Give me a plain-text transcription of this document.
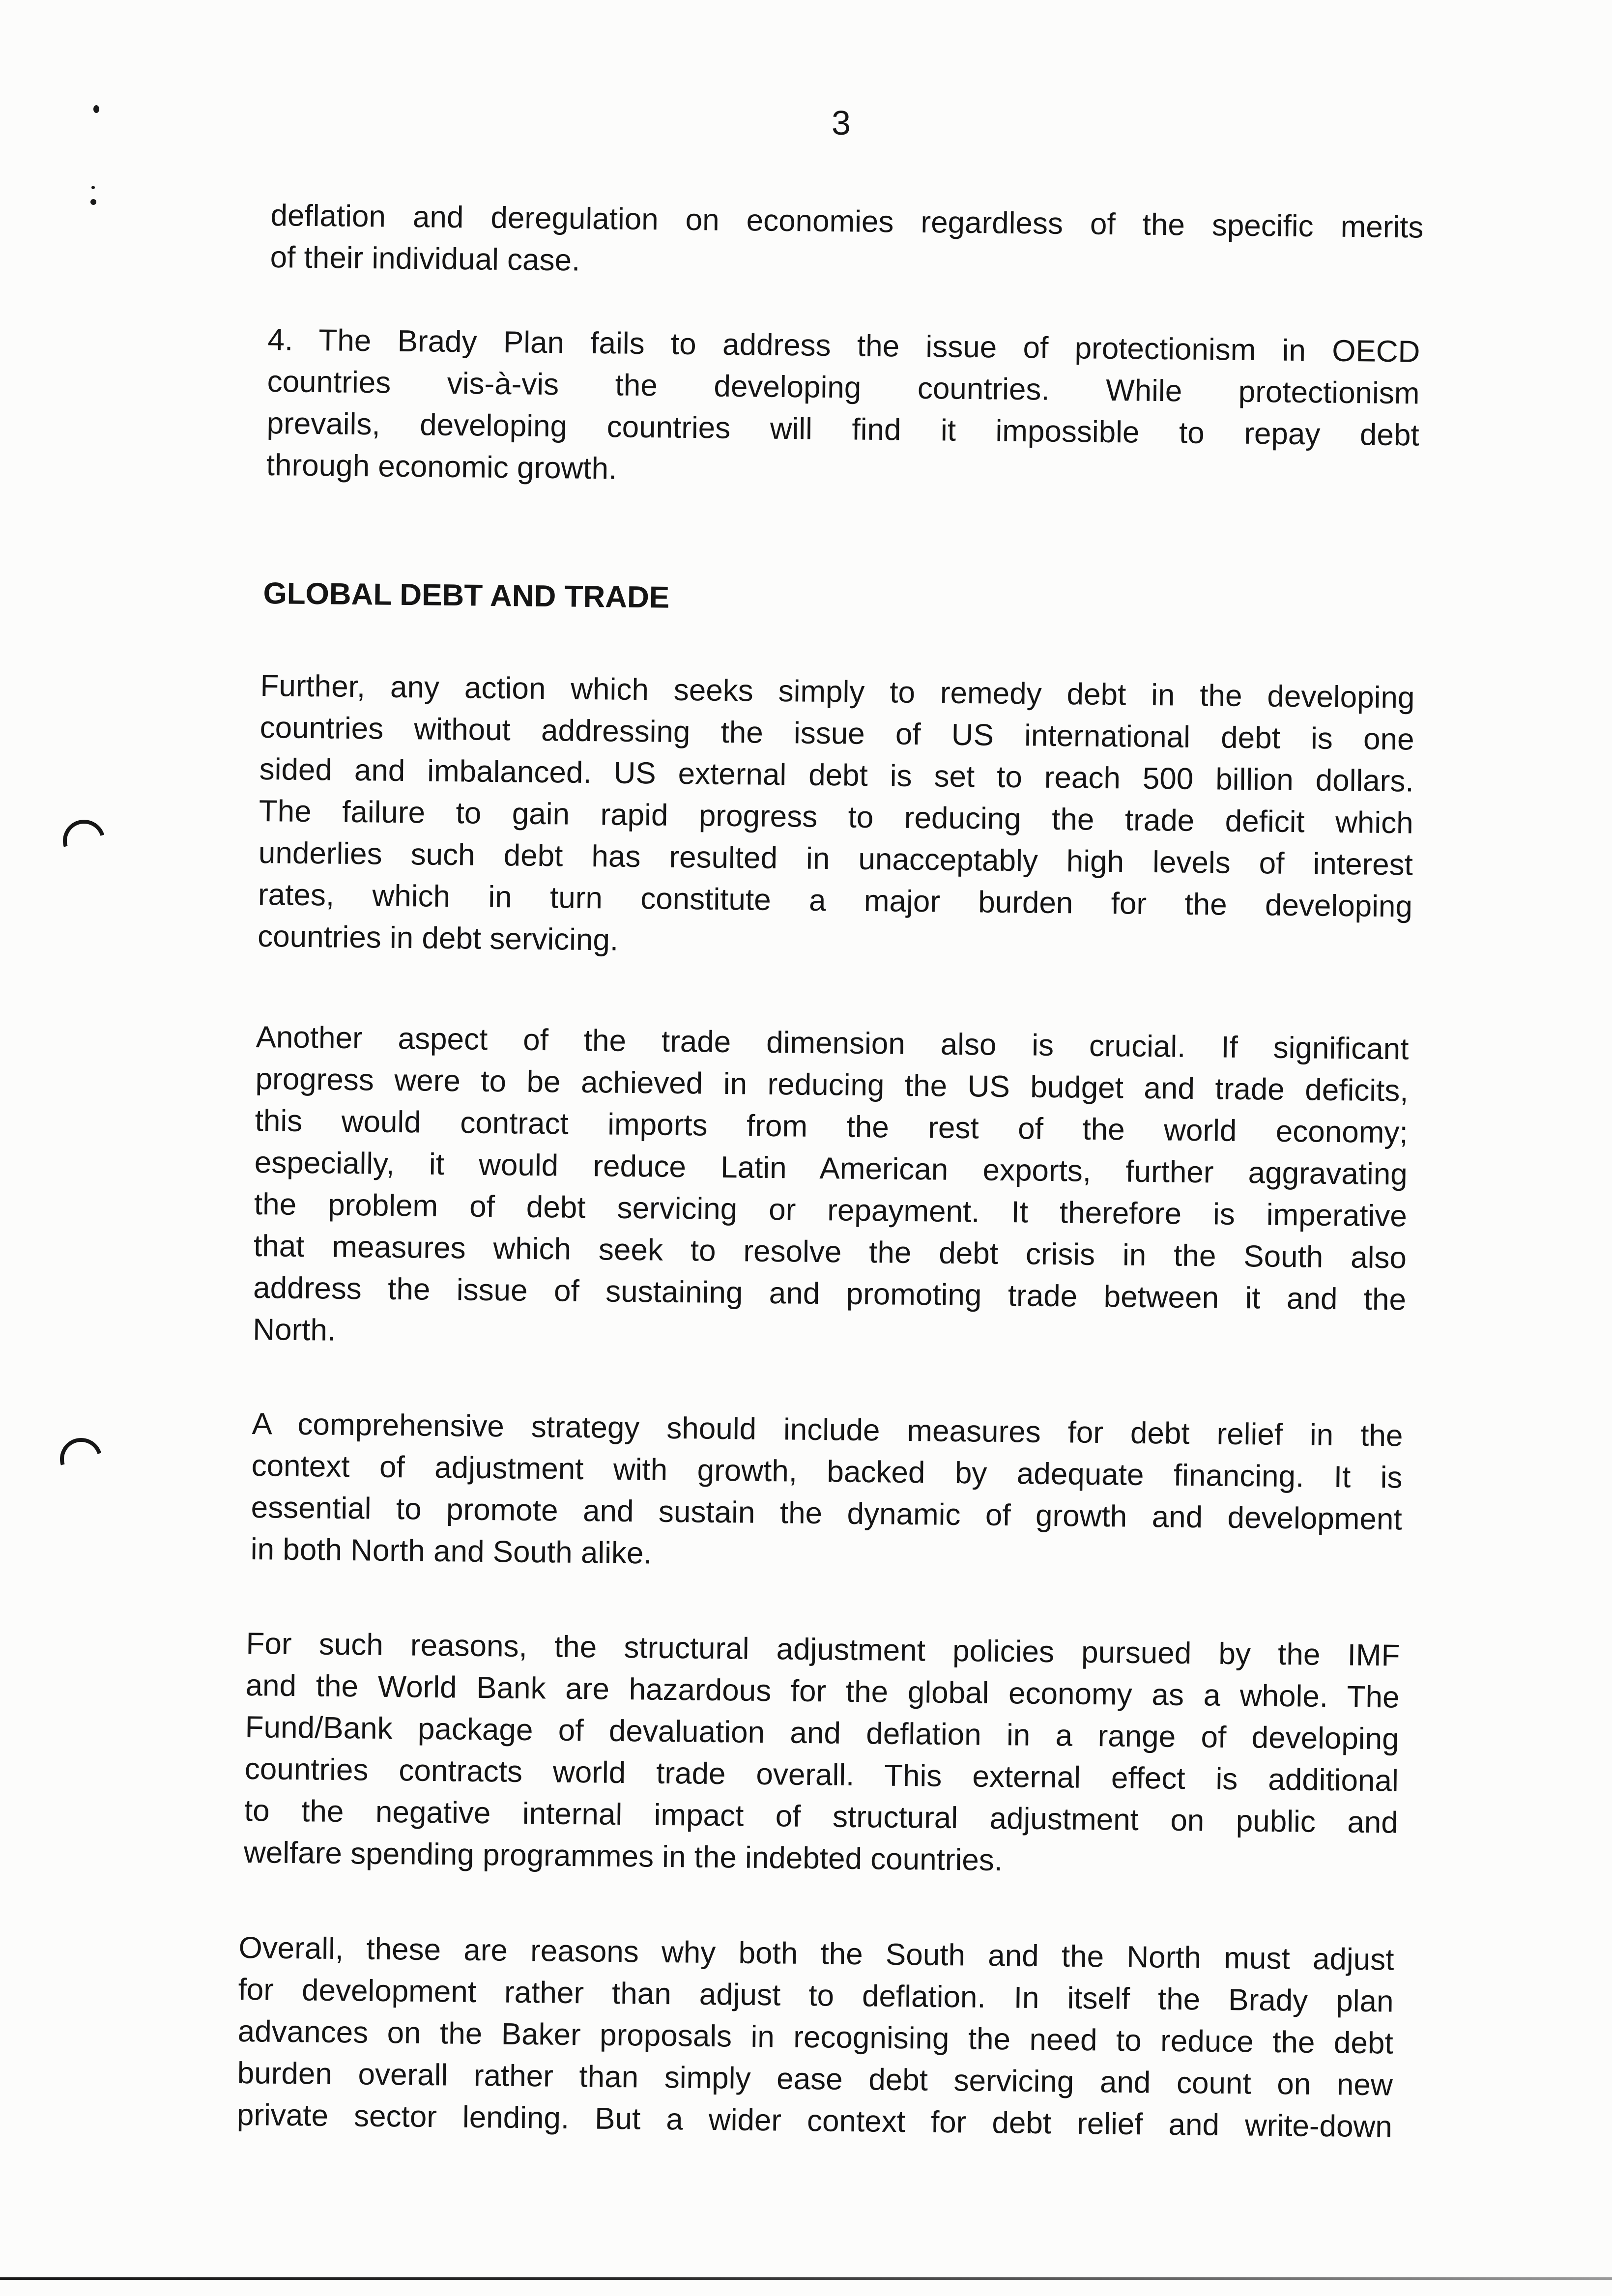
3
deflation and deregulation on economies regardless of the specific merits
of their individual case.
4. The Brady Plan fails to address the issue of protectionism in OECD
countries vis-à-vis the developing countries. While protectionism
prevails, developing countries will find it impossible to repay debt
through economic growth.
GLOBAL DEBT AND TRADE
Further, any action which seeks simply to remedy debt in the developing
countries without addressing the issue of US international debt is one
sided and imbalanced. US external debt is set to reach 500 billion dollars.
The failure to gain rapid progress to reducing the trade deficit which
underlies such debt has resulted in unacceptably high levels of interest
rates, which in turn constitute a major burden for the developing
countries in debt servicing.
Another aspect of the trade dimension also is crucial. If significant
progress were to be achieved in reducing the US budget and trade deficits,
this would contract imports from the rest of the world economy;
especially, it would reduce Latin American exports, further aggravating
the problem of debt servicing or repayment. It therefore is imperative
that measures which seek to resolve the debt crisis in the South also
address the issue of sustaining and promoting trade between it and the
North.
A comprehensive strategy should include measures for debt relief in the
context of adjustment with growth, backed by adequate financing. It is
essential to promote and sustain the dynamic of growth and development
in both North and South alike.
For such reasons, the structural adjustment policies pursued by the IMF
and the World Bank are hazardous for the global economy as a whole. The
Fund/Bank package of devaluation and deflation in a range of developing
countries contracts world trade overall. This external effect is additional
to the negative internal impact of structural adjustment on public and
welfare spending programmes in the indebted countries.
Overall, these are reasons why both the South and the North must adjust
for development rather than adjust to deflation. In itself the Brady plan
advances on the Baker proposals in recognising the need to reduce the debt
burden overall rather than simply ease debt servicing and count on new
private sector lending. But a wider context for debt relief and write-down
